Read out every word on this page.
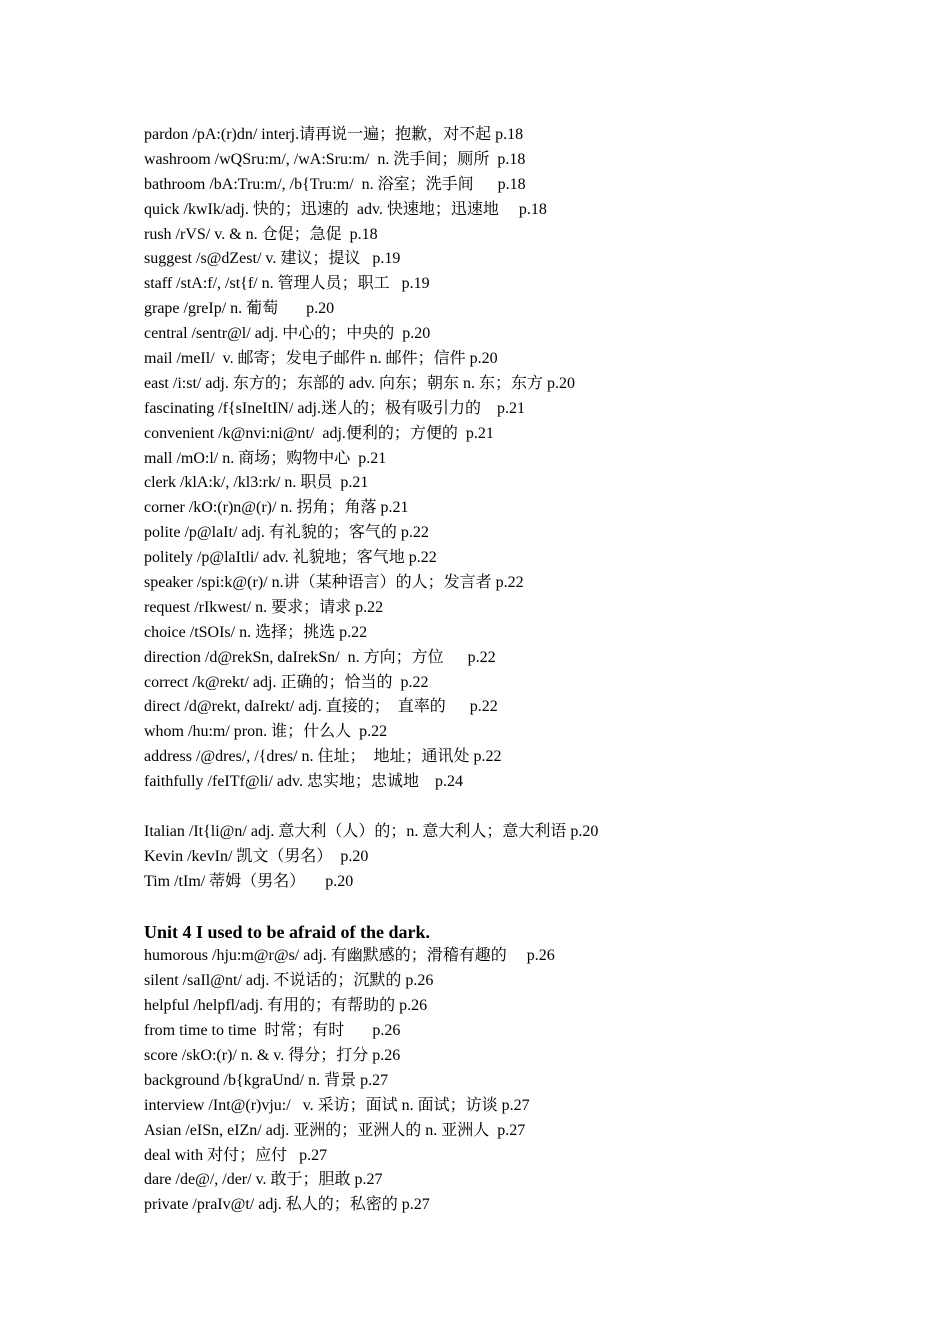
pardon /pA:(r)dn/ interj.请再说一遍；抱歉，对不起 p.18
washroom /wQSru:m/, /wA:Sru:m/  n. 洗手间；厕所  p.18
bathroom /bA:Tru:m/, /b{Tru:m/  n. 浴室；洗手间      p.18
quick /kwIk/adj. 快的；迅速的  adv. 快速地；迅速地     p.18
rush /rVS/ v. & n. 仓促；急促  p.18
suggest /s@dZest/ v. 建议；提议   p.19
staff /stA:f/, /st{f/ n. 管理人员；职工   p.19
grape /greIp/ n. 葡萄       p.20
central /sentr@l/ adj. 中心的；中央的  p.20
mail /meIl/  v. 邮寄；发电子邮件 n. 邮件；信件 p.20
east /i:st/ adj. 东方的；东部的 adv. 向东；朝东 n. 东；东方 p.20
fascinating /f{sIneItIN/ adj.迷人的；极有吸引力的    p.21
convenient /k@nvi:ni@nt/  adj.便利的；方便的  p.21
mall /mO:l/ n. 商场；购物中心  p.21
clerk /klA:k/, /kl3:rk/ n. 职员  p.21
corner /kO:(r)n@(r)/ n. 拐角；角落 p.21
polite /p@laIt/ adj. 有礼貌的；客气的 p.22
politely /p@laItli/ adv. 礼貌地；客气地 p.22
speaker /spi:k@(r)/ n.讲（某种语言）的人；发言者 p.22
request /rIkwest/ n. 要求；请求 p.22
choice /tSOIs/ n. 选择；挑选 p.22
direction /d@rekSn, daIrekSn/  n. 方向；方位      p.22
correct /k@rekt/ adj. 正确的；恰当的  p.22
direct /d@rekt, daIrekt/ adj. 直接的；  直率的      p.22
whom /hu:m/ pron. 谁；什么人  p.22
address /@dres/, /{dres/ n. 住址；  地址；通讯处 p.22
faithfully /feITf@li/ adv. 忠实地；忠诚地    p.24
Italian /It{li@n/ adj. 意大利（人）的；n. 意大利人；意大利语 p.20
Kevin /kevIn/ 凯文（男名）  p.20
Tim /tIm/ 蒂姆（男名）     p.20
Unit 4 I used to be afraid of the dark.
humorous /hju:m@r@s/ adj. 有幽默感的；滑稽有趣的     p.26
silent /saIl@nt/ adj. 不说话的；沉默的 p.26
helpful /helpfl/adj. 有用的；有帮助的 p.26
from time to time  时常；有时       p.26
score /skO:(r)/ n. & v. 得分；打分 p.26
background /b{kgraUnd/ n. 背景 p.27
interview /Int@(r)vju:/   v. 采访；面试 n. 面试；访谈 p.27
Asian /eISn, eIZn/ adj. 亚洲的；亚洲人的 n. 亚洲人  p.27
deal with 对付；应付   p.27
dare /de@/, /der/ v. 敢于；胆敢 p.27
private /praIv@t/ adj. 私人的；私密的 p.27
